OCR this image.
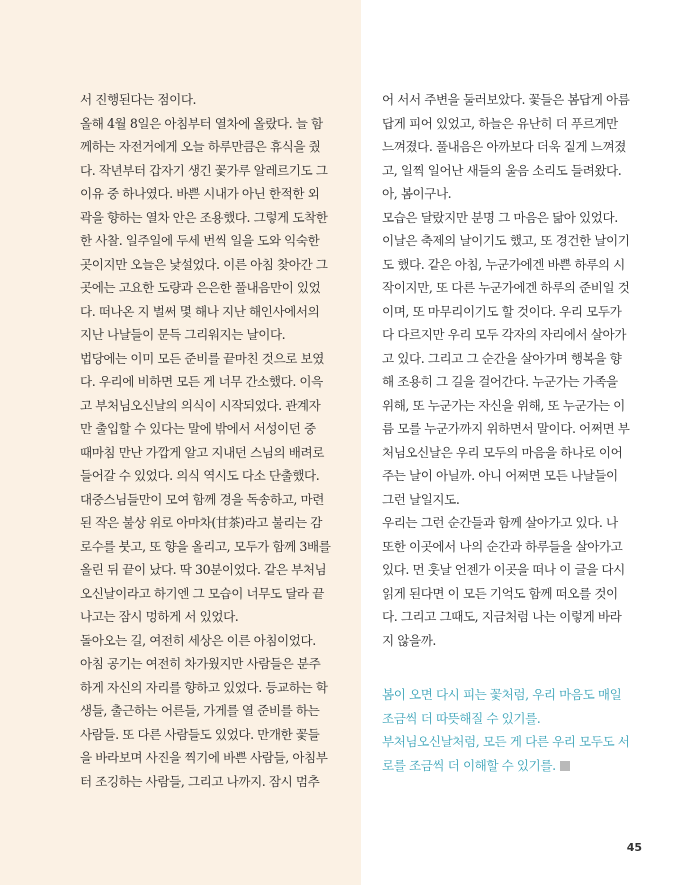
서 진행된다는 점이다.
올해 4월 8일은 아침부터 열차에 올랐다. 늘 함
께하는 자전거에게 오늘 하루만큼은 휴식을 줬
다. 작년부터 갑자기 생긴 꽃가루 알레르기도 그
이유 중 하나였다. 바쁜 시내가 아닌 한적한 외
곽을 향하는 열차 안은 조용했다. 그렇게 도착한
한 사찰. 일주일에 두세 번씩 일을 도와 익숙한
곳이지만 오늘은 낯설었다. 이른 아침 찾아간 그
곳에는 고요한 도량과 은은한 풀내음만이 있었
다. 떠나온 지 벌써 몇 해나 지난 해인사에서의
지난 나날들이 문득 그리워지는 날이다.
법당에는 이미 모든 준비를 끝마친 것으로 보였
다. 우리에 비하면 모든 게 너무 간소했다. 이윽
고 부처님오신날의 의식이 시작되었다. 관계자
만 출입할 수 있다는 말에 밖에서 서성이던 중
때마침 만난 가깝게 알고 지내던 스님의 배려로
들어갈 수 있었다. 의식 역시도 다소 단출했다.
대중스님들만이 모여 함께 경을 독송하고, 마련
된 작은 불상 위로 아마차(甘茶)라고 불리는 감
로수를 붓고, 또 향을 올리고, 모두가 함께 3배를
올린 뒤 끝이 났다. 딱 30분이었다. 같은 부처님
오신날이라고 하기엔 그 모습이 너무도 달라 끝
나고는 잠시 멍하게 서 있었다.
돌아오는 길, 여전히 세상은 이른 아침이었다.
아침 공기는 여전히 차가웠지만 사람들은 분주
하게 자신의 자리를 향하고 있었다. 등교하는 학
생들, 출근하는 어른들, 가게를 열 준비를 하는
사람들. 또 다른 사람들도 있었다. 만개한 꽃들
을 바라보며 사진을 찍기에 바쁜 사람들, 아침부
터 조깅하는 사람들, 그리고 나까지. 잠시 멈추
어 서서 주변을 둘러보았다. 꽃들은 봄답게 아름
답게 피어 있었고, 하늘은 유난히 더 푸르게만
느껴졌다. 풀내음은 아까보다 더욱 짙게 느껴졌
고, 일찍 일어난 새들의 울음 소리도 들려왔다.
아, 봄이구나.
모습은 달랐지만 분명 그 마음은 닮아 있었다.
이날은 축제의 날이기도 했고, 또 경건한 날이기
도 했다. 같은 아침, 누군가에겐 바쁜 하루의 시
작이지만, 또 다른 누군가에겐 하루의 준비일 것
이며, 또 마무리이기도 할 것이다. 우리 모두가
다 다르지만 우리 모두 각자의 자리에서 살아가
고 있다. 그리고 그 순간을 살아가며 행복을 향
해 조용히 그 길을 걸어간다. 누군가는 가족을
위해, 또 누군가는 자신을 위해, 또 누군가는 이
름 모를 누군가까지 위하면서 말이다. 어쩌면 부
처님오신날은 우리 모두의 마음을 하나로 이어
주는 날이 아닐까. 아니 어쩌면 모든 나날들이
그런 날일지도.
우리는 그런 순간들과 함께 살아가고 있다. 나
또한 이곳에서 나의 순간과 하루들을 살아가고
있다. 먼 훗날 언젠가 이곳을 떠나 이 글을 다시
읽게 된다면 이 모든 기억도 함께 떠오를 것이
다. 그리고 그때도, 지금처럼 나는 이렇게 바라
지 않을까.
봄이 오면 다시 피는 꽃처럼, 우리 마음도 매일
조금씩 더 따뜻해질 수 있기를.
부처님오신날처럼, 모든 게 다른 우리 모두도 서
로를 조금씩 더 이해할 수 있기를.
45
